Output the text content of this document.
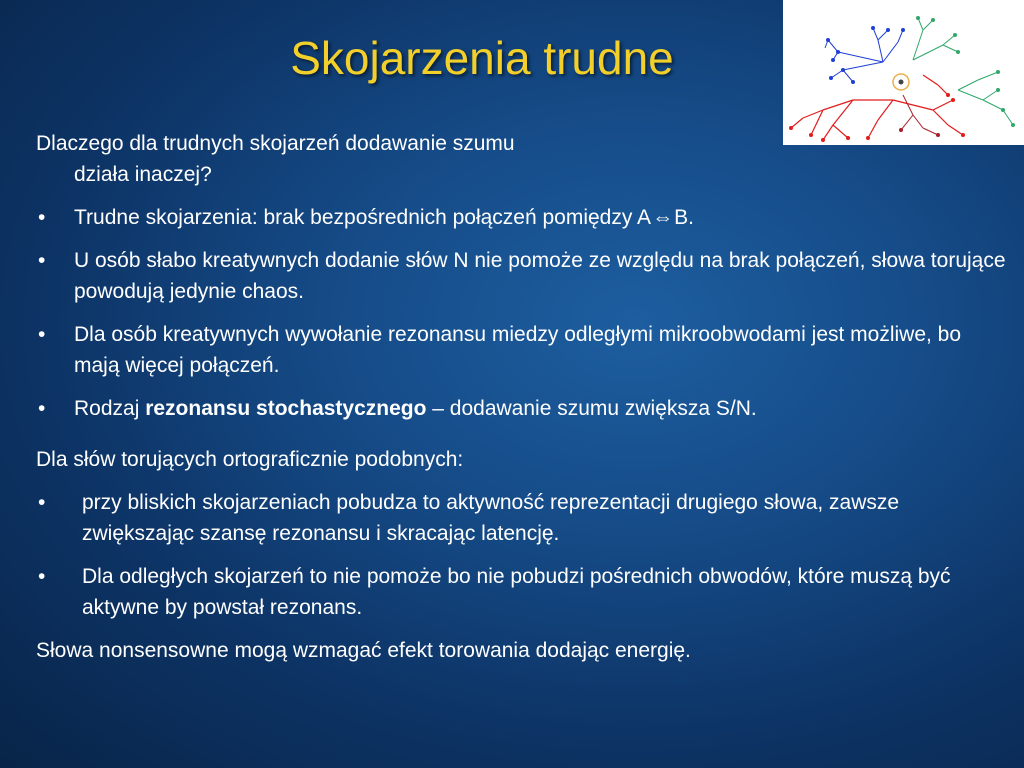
Skojarzenia trudne

Dlaczego dla trudnych skojarzeń dodawanie szumu

działa inaczej?

• Trudne skojarzenia: brak bezpośrednich połączeń pomiędzy A⇔B.

• U osób słabo kreatywnych dodanie słów N nie pomoże ze względu na brak połączeń, słowa torujące powodują jedynie chaos.

• Dla osób kreatywnych wywołanie rezonansu miedzy odległymi mikroobwodami jest możliwe, bo mają więcej połączeń.

• Rodzaj rezonansu stochastycznego – dodawanie szumu zwiększa S/N.

Dla słów torujących ortograficznie podobnych:

• przy bliskich skojarzeniach pobudza to aktywność reprezentacji drugiego słowa, zawsze zwiększając szansę rezonansu i skracając latencję.

• Dla odległych skojarzeń to nie pomoże bo nie pobudzi pośrednich obwodów, które muszą być aktywne by powstał rezonans.

Słowa nonsensowne mogą wzmagać efekt torowania dodając energię.
